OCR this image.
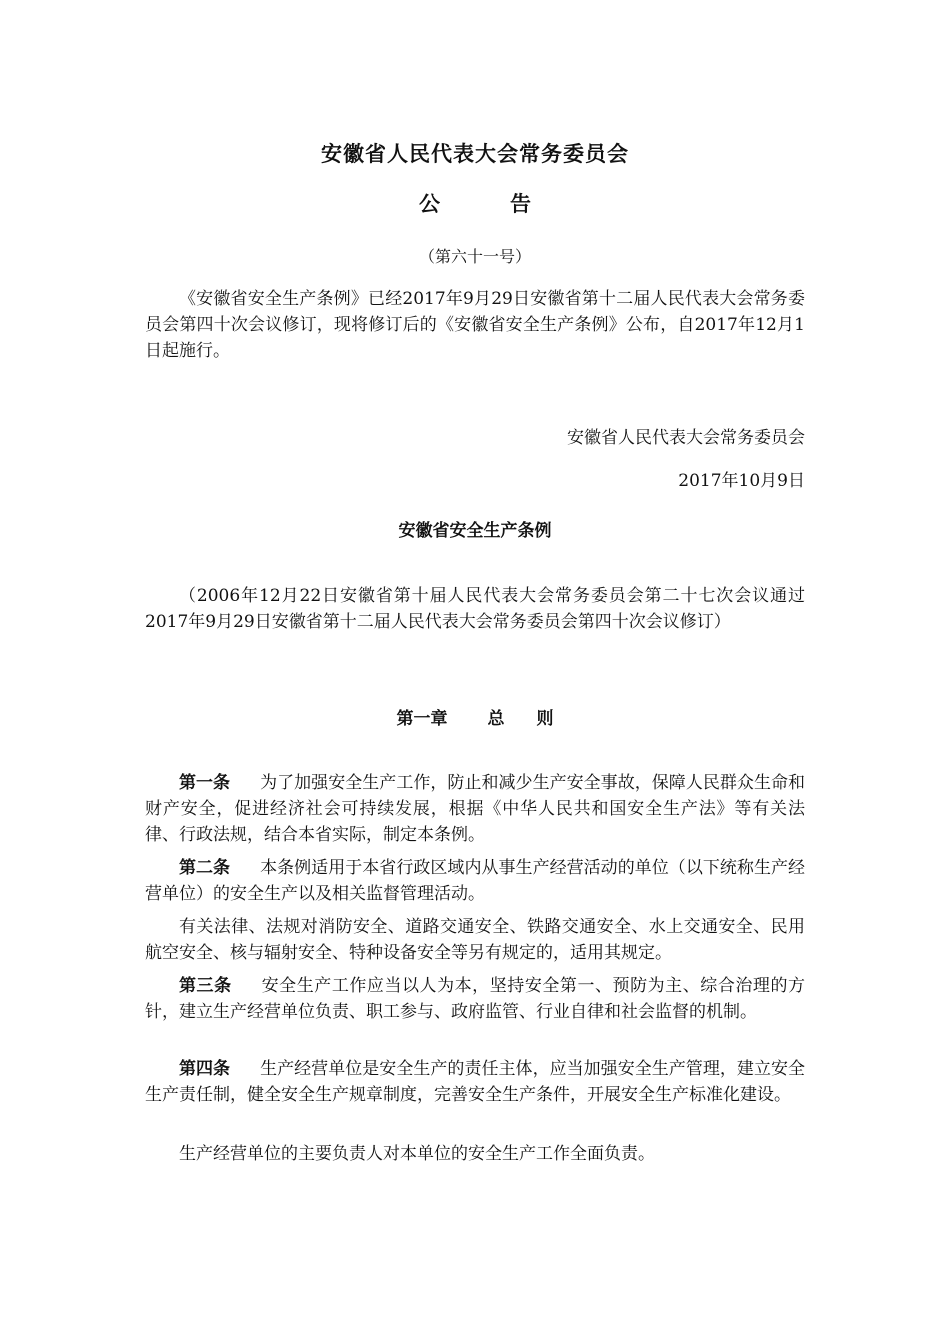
安徽省人民代表大会常务委员会
公	告
（第六十一号）
《安徽省安全生产条例》已经2017年9月29日安徽省第十二届人民代表大会常务委员会第四十次会议修订，现将修订后的《安徽省安全生产条例》公布，自2017年12月1日起施行。
安徽省人民代表大会常务委员会
2017年10月9日
安徽省安全生产条例
（2006年12月22日安徽省第十届人民代表大会常务委员会第二十七次会议通过2017年9月29日安徽省第十二届人民代表大会常务委员会第四十次会议修订）
第一章 总 则
第一条 为了加强安全生产工作，防止和减少生产安全事故，保障人民群众生命和财产安全，促进经济社会可持续发展，根据《中华人民共和国安全生产法》等有关法律、行政法规，结合本省实际，制定本条例。
第二条 本条例适用于本省行政区域内从事生产经营活动的单位（以下统称生产经营单位）的安全生产以及相关监督管理活动。
有关法律、法规对消防安全、道路交通安全、铁路交通安全、水上交通安全、民用航空安全、核与辐射安全、特种设备安全等另有规定的，适用其规定。
第三条 安全生产工作应当以人为本，坚持安全第一、预防为主、综合治理的方针，建立生产经营单位负责、职工参与、政府监管、行业自律和社会监督的机制。
第四条 生产经营单位是安全生产的责任主体，应当加强安全生产管理，建立安全生产责任制，健全安全生产规章制度，完善安全生产条件，开展安全生产标准化建设。
生产经营单位的主要负责人对本单位的安全生产工作全面负责。
